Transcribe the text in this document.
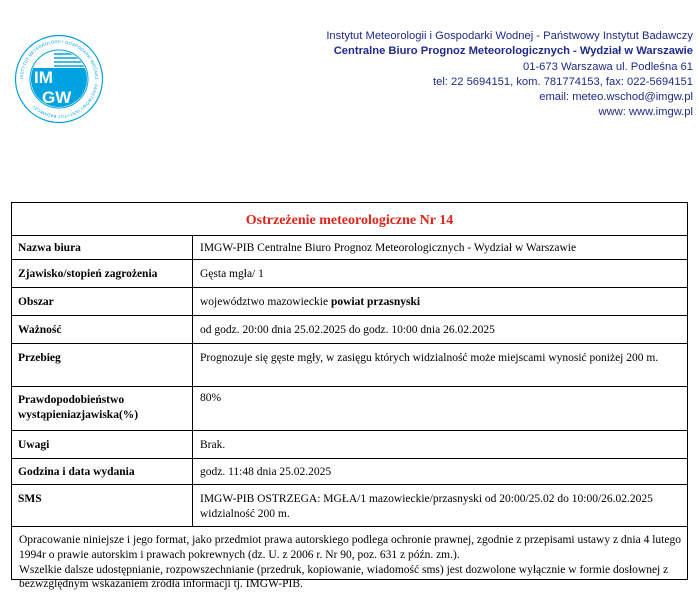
INSTYTUT METEOROLOGII I GOSPODARKI WODNEJ · PAŃSTWOWY INSTYTUT BADAWCZY
IM
GW
Instytut Meteorologii i Gospodarki Wodnej - Państwowy Instytut Badawczy
Centralne Biuro Prognoz Meteorologicznych - Wydział w Warszawie
01-673 Warszawa ul. Podleśna 61
tel: 22 5694151, kom. 781774153, fax: 022-5694151
email: meteo.wschod@imgw.pl
www: www.imgw.pl
Ostrzeżenie meteorologiczne Nr 14
Nazwa biura	IMGW-PIB Centralne Biuro Prognoz Meteorologicznych - Wydział w Warszawie
Zjawisko/stopień zagrożenia	Gęsta mgła/ 1
Obszar	województwo mazowieckie powiat przasnyski
Ważność	od godz. 20:00 dnia 25.02.2025 do godz. 10:00 dnia 26.02.2025
Przebieg	Prognozuje się gęste mgły, w zasięgu których widzialność może miejscami wynosić poniżej 200 m.
Prawdopodobieństwo wystąpieniazjawiska(%)	80%
Uwagi	Brak.
Godzina i data wydania	godz. 11:48 dnia 25.02.2025
SMS	IMGW-PIB OSTRZEGA: MGŁA/1 mazowieckie/przasnyski od 20:00/25.02 do 10:00/26.02.2025 widzialność 200 m.

Opracowanie niniejsze i jego format, jako przedmiot prawa autorskiego podlega ochronie prawnej, zgodnie z przepisami ustawy z dnia 4 lutego 1994r o prawie autorskim i prawach pokrewnych (dz. U. z 2006 r. Nr 90, poz. 631 z późn. zm.).

Wszelkie dalsze udostępnianie, rozpowszechnianie (przedruk, kopiowanie, wiadomość sms) jest dozwolone wyłącznie w formie dosłownej z bezwzględnym wskazaniem źródła informacji tj. IMGW-PIB.
